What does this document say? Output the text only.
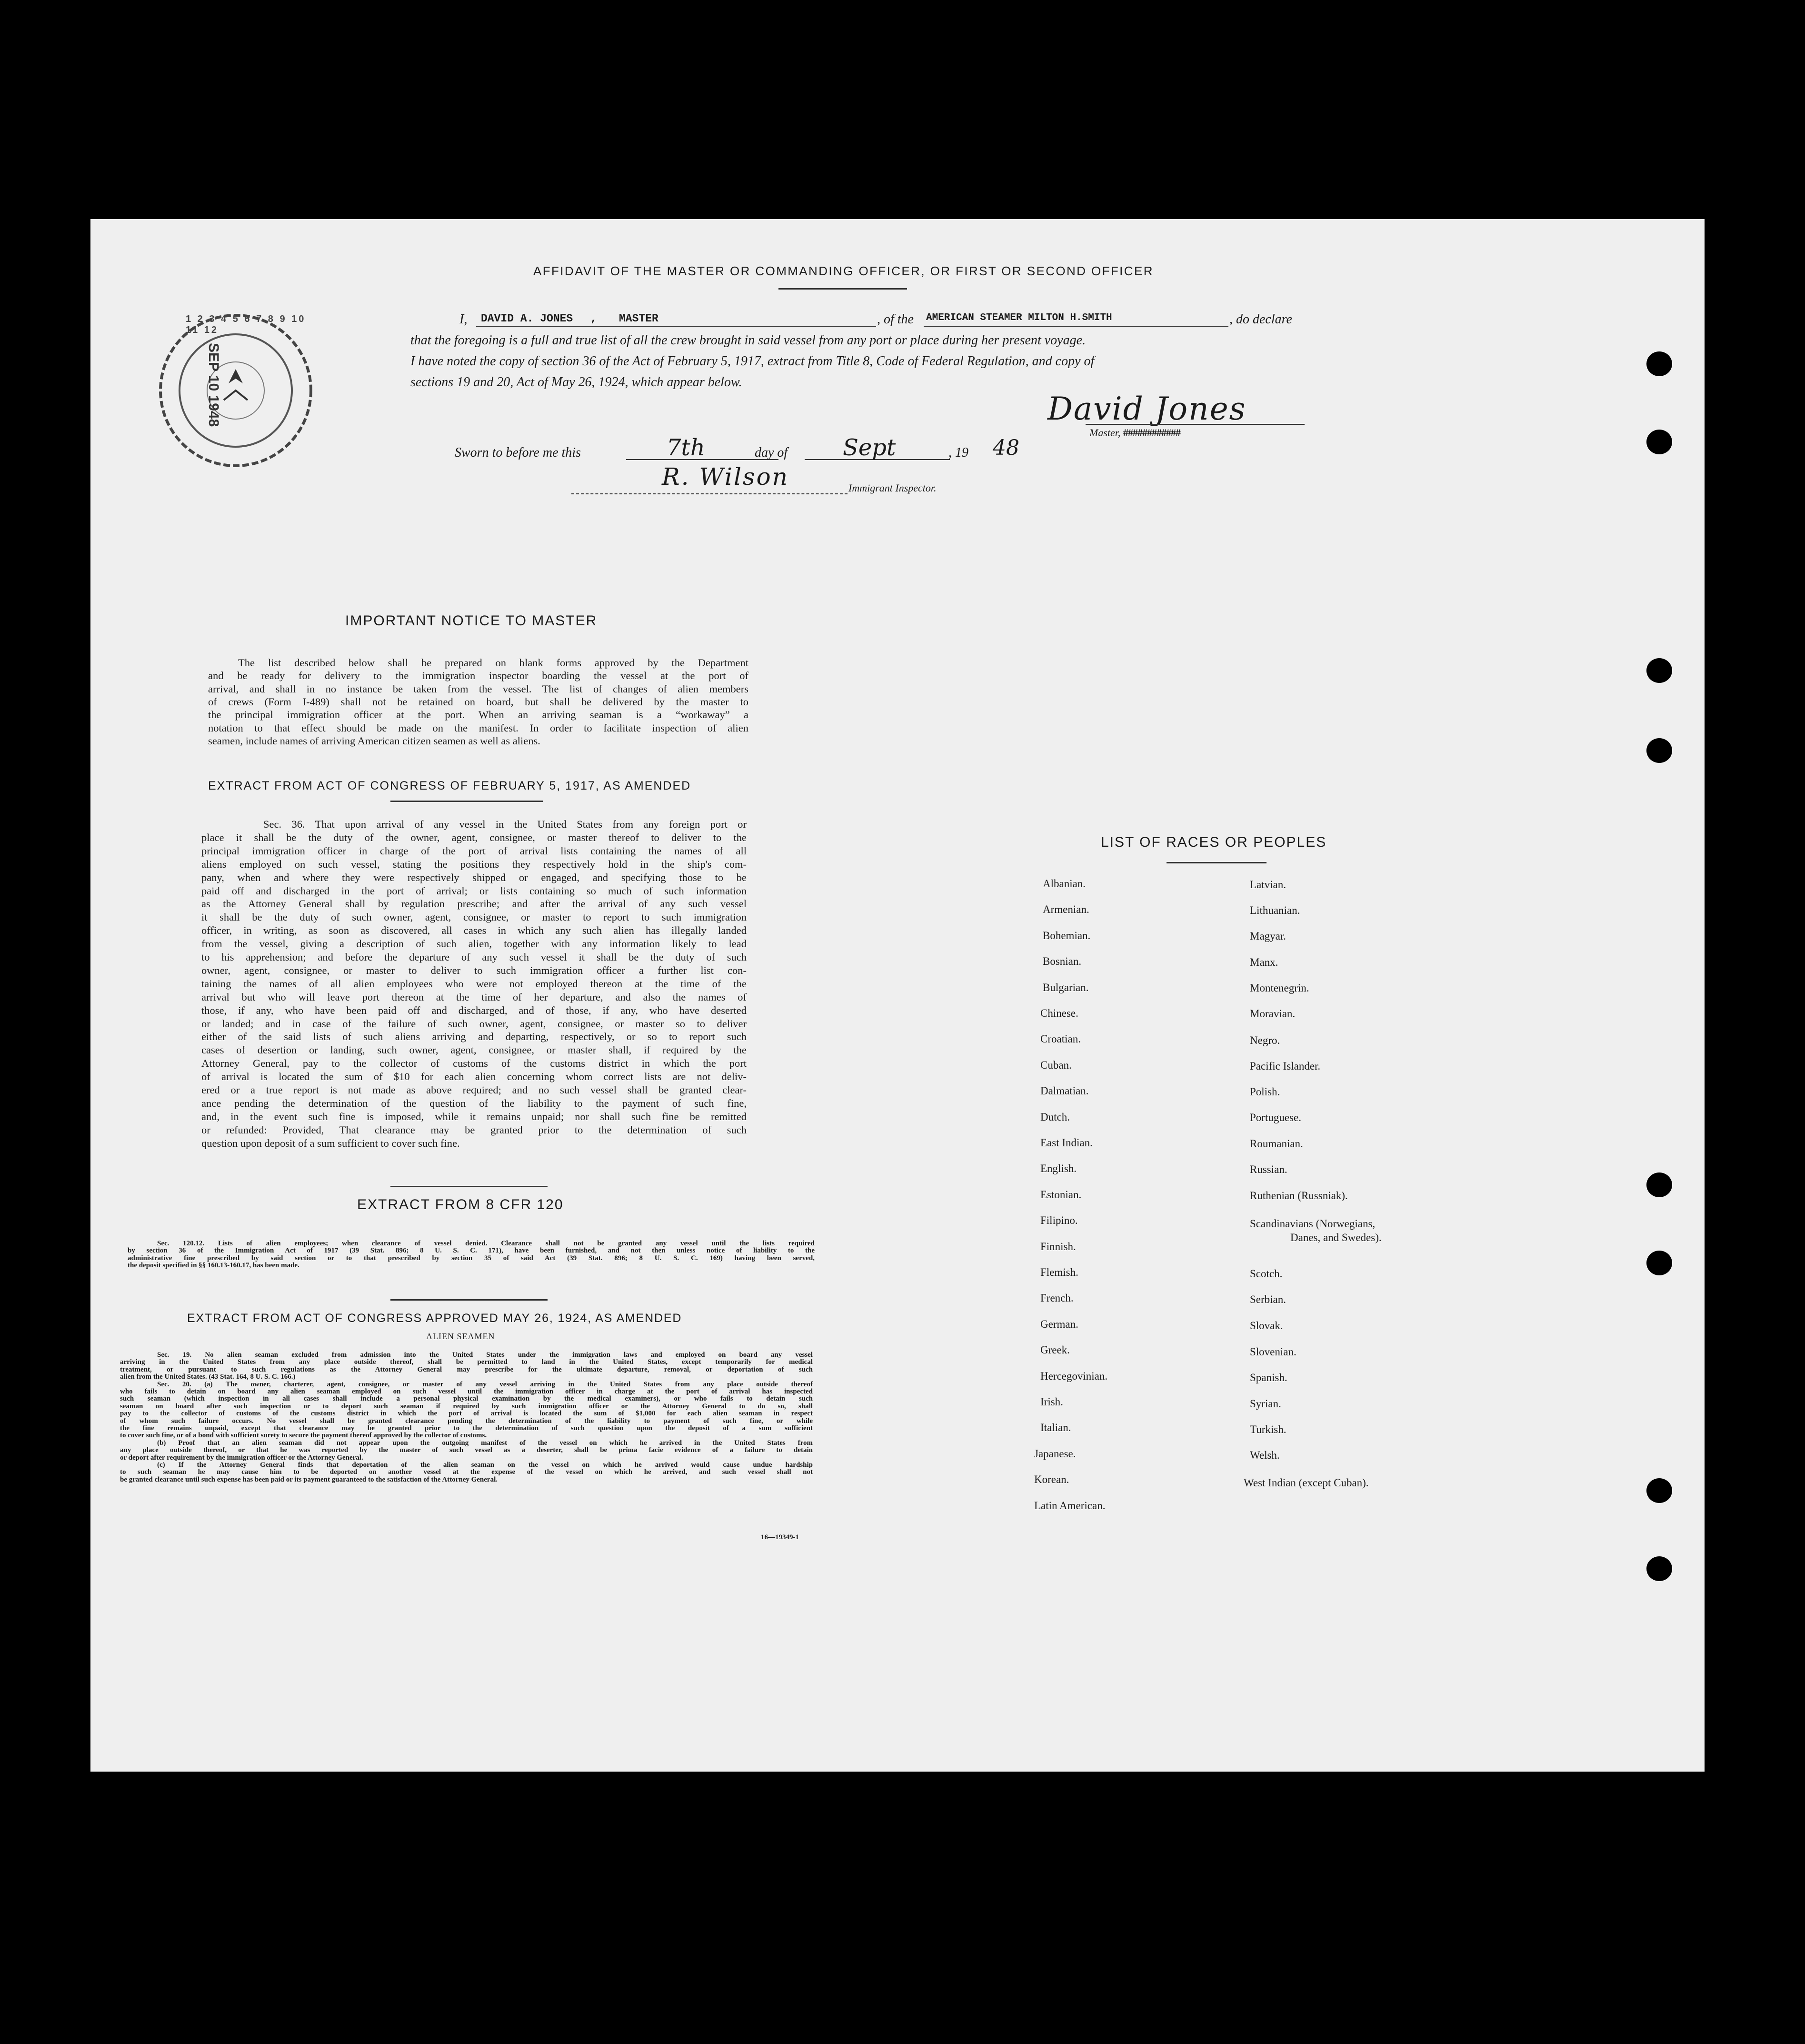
AFFIDAVIT OF THE MASTER OR COMMANDING OFFICER, OR FIRST OR SECOND OFFICER
I,	DAVID A. JONES , MASTER	, of the AMERICAN STEAMER MILTON H.SMITH	, do declare
that the foregoing is a full and true list of all the crew brought in said vessel from any port or place during her present voyage.
I have noted the copy of section 36 of the Act of February 5, 1917, extract from Title 8, Code of Federal Regulation, and copy of
sections 19 and 20, Act of May 26, 1924, which appear below.
David Jones
Master, ############
Sworn to before me this	7th	day of Sept	, 19 48
R. Wilson	Immigrant Inspector.
SEP 10 1948
1 2 3 4 5 6 7 8 9 10 11 12
IMPORTANT NOTICE TO MASTER
The list described below shall be prepared on blank forms approved by the Department
and be ready for delivery to the immigration inspector boarding the vessel at the port of
arrival, and shall in no instance be taken from the vessel. The list of changes of alien members
of crews (Form I-489) shall not be retained on board, but shall be delivered by the master to
the principal immigration officer at the port. When an arriving seaman is a “workaway” a
notation to that effect should be made on the manifest. In order to facilitate inspection of alien
seamen, include names of arriving American citizen seamen as well as aliens.
EXTRACT FROM ACT OF CONGRESS OF FEBRUARY 5, 1917, AS AMENDED
Sec. 36. That upon arrival of any vessel in the United States from any foreign port or
place it shall be the duty of the owner, agent, consignee, or master thereof to deliver to the
principal immigration officer in charge of the port of arrival lists containing the names of all
aliens employed on such vessel, stating the positions they respectively hold in the ship's com-
pany, when and where they were respectively shipped or engaged, and specifying those to be
paid off and discharged in the port of arrival; or lists containing so much of such information
as the Attorney General shall by regulation prescribe; and after the arrival of any such vessel
it shall be the duty of such owner, agent, consignee, or master to report to such immigration
officer, in writing, as soon as discovered, all cases in which any such alien has illegally landed
from the vessel, giving a description of such alien, together with any information likely to lead
to his apprehension; and before the departure of any such vessel it shall be the duty of such
owner, agent, consignee, or master to deliver to such immigration officer a further list con-
taining the names of all alien employees who were not employed thereon at the time of the
arrival but who will leave port thereon at the time of her departure, and also the names of
those, if any, who have been paid off and discharged, and of those, if any, who have deserted
or landed; and in case of the failure of such owner, agent, consignee, or master so to deliver
either of the said lists of such aliens arriving and departing, respectively, or so to report such
cases of desertion or landing, such owner, agent, consignee, or master shall, if required by the
Attorney General, pay to the collector of customs of the customs district in which the port
of arrival is located the sum of $10 for each alien concerning whom correct lists are not deliv-
ered or a true report is not made as above required; and no such vessel shall be granted clear-
ance pending the determination of the question of the liability to the payment of such fine,
and, in the event such fine is imposed, while it remains unpaid; nor shall such fine be remitted
or refunded: Provided, That clearance may be granted prior to the determination of such
question upon deposit of a sum sufficient to cover such fine.
EXTRACT FROM 8 CFR 120
Sec. 120.12. Lists of alien employees; when clearance of vessel denied. Clearance shall not be granted any vessel until the lists required
by section 36 of the Immigration Act of 1917 (39 Stat. 896; 8 U. S. C. 171), have been furnished, and not then unless notice of liability to the
administrative fine prescribed by said section or to that prescribed by section 35 of said Act (39 Stat. 896; 8 U. S. C. 169) having been served,
the deposit specified in §§ 160.13-160.17, has been made.
EXTRACT FROM ACT OF CONGRESS APPROVED MAY 26, 1924, AS AMENDED
ALIEN SEAMEN
Sec. 19. No alien seaman excluded from admission into the United States under the immigration laws and employed on board any vessel
arriving in the United States from any place outside thereof, shall be permitted to land in the United States, except temporarily for medical
treatment, or pursuant to such regulations as the Attorney General may prescribe for the ultimate departure, removal, or deportation of such
alien from the United States. (43 Stat. 164, 8 U. S. C. 166.)
Sec. 20. (a) The owner, charterer, agent, consignee, or master of any vessel arriving in the United States from any place outside thereof
who fails to detain on board any alien seaman employed on such vessel until the immigration officer in charge at the port of arrival has inspected
such seaman (which inspection in all cases shall include a personal physical examination by the medical examiners), or who fails to detain such
seaman on board after such inspection or to deport such seaman if required by such immigration officer or the Attorney General to do so, shall
pay to the collector of customs of the customs district in which the port of arrival is located the sum of $1,000 for each alien seaman in respect
of whom such failure occurs. No vessel shall be granted clearance pending the determination of the liability to payment of such fine, or while
the fine remains unpaid, except that clearance may be granted prior to the determination of such question upon the deposit of a sum sufficient
to cover such fine, or of a bond with sufficient surety to secure the payment thereof approved by the collector of customs.
(b) Proof that an alien seaman did not appear upon the outgoing manifest of the vessel on which he arrived in the United States from
any place outside thereof, or that he was reported by the master of such vessel as a deserter, shall be prima facie evidence of a failure to detain
or deport after requirement by the immigration officer or the Attorney General.
(c) If the Attorney General finds that deportation of the alien seaman on the vessel on which he arrived would cause undue hardship
to such seaman he may cause him to be deported on another vessel at the expense of the vessel on which he arrived, and such vessel shall not
be granted clearance until such expense has been paid or its payment guaranteed to the satisfaction of the Attorney General.
16—19349-1
LIST OF RACES OR PEOPLES
Albanian.
Armenian.
Bohemian.
Bosnian.
Bulgarian.
Chinese.
Croatian.
Cuban.
Dalmatian.
Dutch.
East Indian.
English.
Estonian.
Filipino.
Finnish.
Flemish.
French.
German.
Greek.
Hercegovinian.
Irish.
Italian.
Japanese.
Korean.
Latin American.
Latvian.
Lithuanian.
Magyar.
Manx.
Montenegrin.
Moravian.
Negro.
Pacific Islander.
Polish.
Portuguese.
Roumanian.
Russian.
Ruthenian (Russniak).
Scandinavians (Norwegians,
Danes, and Swedes).
Scotch.
Serbian.
Slovak.
Slovenian.
Spanish.
Syrian.
Turkish.
Welsh.
West Indian (except Cuban).
